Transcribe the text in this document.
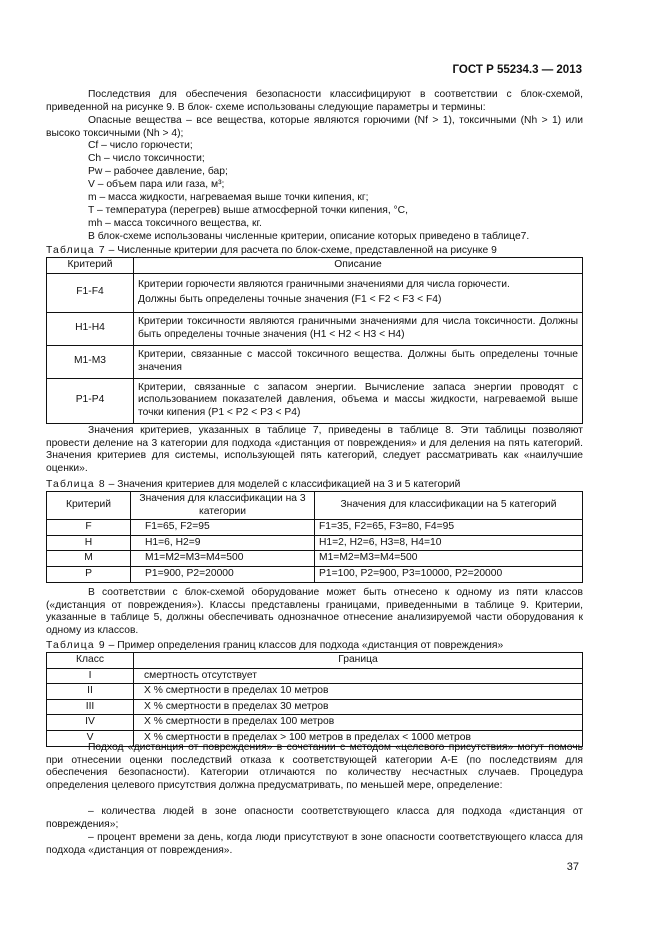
ГОСТ Р 55234.3 — 2013
Последствия для обеспечения безопасности классифицируют в соответствии с блок-схемой, приведенной на рисунке 9. В блок- схеме использованы следующие параметры и термины:
Опасные вещества – все вещества, которые являются горючими (Nf > 1), токсичными (Nh > 1) или высоко токсичными (Nh > 4);
Cf – число горючести;
Ch – число токсичности;
Pw – рабочее давление, бар;
V – объем пара или газа, м³;
m – масса жидкости, нагреваемая выше точки кипения, кг;
T – температура (перегрев) выше атмосферной точки кипения, °C,
mh – масса токсичного вещества, кг.
В блок-схеме использованы численные критерии, описание которых приведено в таблице7.
Таблица 7 – Численные критерии для расчета по блок-схеме, представленной на рисунке 9
Критерий	Описание
F1-F4	Критерии горючести являются граничными значениями для числа горючести.
Должны быть определены точные значения (F1 < F2 < F3 < F4)

H1-H4	Критерии токсичности являются граничными значениями для числа токсичности. Должны быть определены точные значения (H1 < H2 < H3 < H4)
M1-M3	Критерии, связанные с массой токсичного вещества. Должны быть определены точные значения
P1-P4	Критерии, связанные с запасом энергии. Вычисление запаса энергии проводят с использованием показателей давления, объема и массы жидкости, нагреваемой выше точки кипения (P1 < P2 < P3 < P4)
Значения критериев, указанных в таблице 7, приведены в таблице 8. Эти таблицы позволяют провести деление на 3 категории для подхода «дистанция от повреждения» и для деления на пять категорий. Значения критериев для системы, использующей пять категорий, следует рассматривать как «наилучшие оценки».
Таблица 8 – Значения критериев для моделей с классификацией на 3 и 5 категорий
Критерий	Значения для классификации на 3 категории	Значения для классификации на 5 категорий
F	F1=65, F2=95	F1=35, F2=65, F3=80, F4=95
H	H1=6, H2=9	H1=2, H2=6, H3=8, H4=10
M	M1=M2=M3=M4=500	M1=M2=M3=M4=500
P	P1=900, P2=20000	P1=100, P2=900, P3=10000, P2=20000
В соответствии с блок-схемой оборудование может быть отнесено к одному из пяти классов («дистанция от повреждения»). Классы представлены границами, приведенными в таблице 9. Критерии, указанные в таблице 5, должны обеспечивать однозначное отнесение анализируемой части оборудования к одному из классов.
Таблица 9 – Пример определения границ классов для подхода «дистанция от повреждения»
Класс	Граница
I	смертность отсутствует
II	X % смертности в пределах 10 метров
III	X % смертности в пределах 30 метров
IV	X % смертности в пределах 100 метров
V	X % смертности в пределах > 100 метров в пределах < 1000 метров
Подход «дистанция от повреждения» в сочетании с методом «целевого присутствия» могут помочь при отнесении оценки последствий отказа к соответствующей категории A-E (по последствиям для обеспечения безопасности). Категории отличаются по количеству несчастных случаев. Процедура определения целевого присутствия должна предусматривать, по меньшей мере, определение:
– количества людей в зоне опасности соответствующего класса для подхода «дистанция от повреждения»;
– процент времени за день, когда люди присутствуют в зоне опасности соответствующего класса для подхода «дистанция от повреждения».
37
